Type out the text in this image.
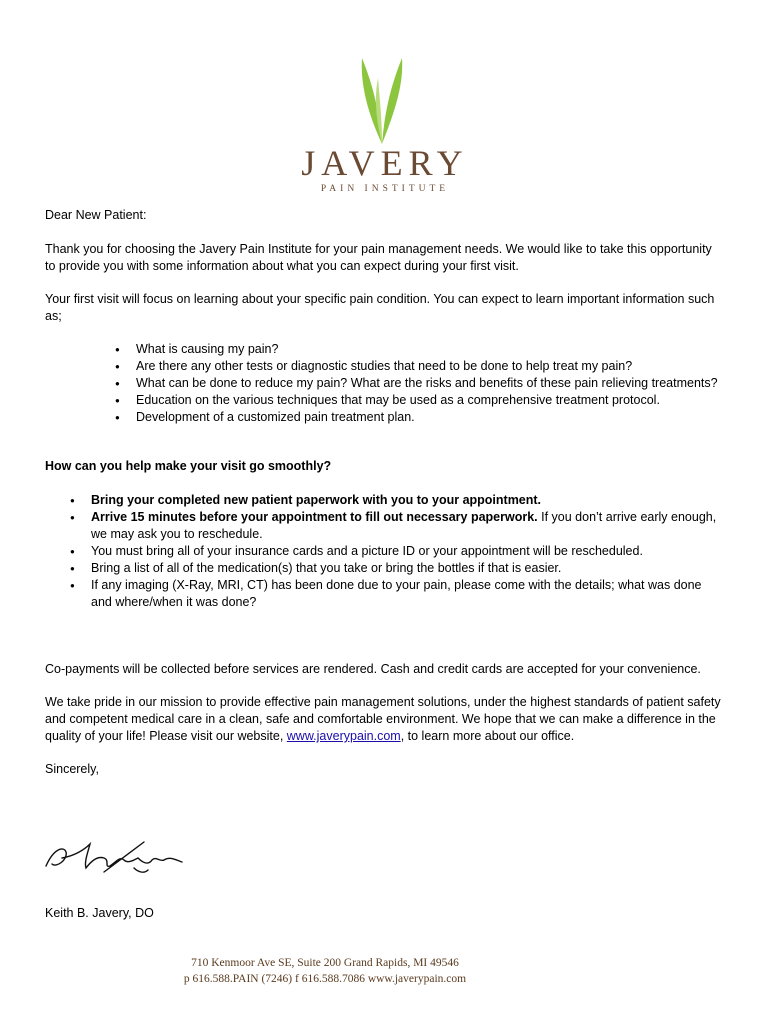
JAVERY
PAIN INSTITUTE

Dear New Patient:

Thank you for choosing the Javery Pain Institute for your pain management needs. We would like to take this opportunity to provide you with some information about what you can expect during your first visit.

Your first visit will focus on learning about your specific pain condition. You can expect to learn important information such as;

● What is causing my pain?
● Are there any other tests or diagnostic studies that need to be done to help treat my pain?
● What can be done to reduce my pain? What are the risks and benefits of these pain relieving treatments?
● Education on the various techniques that may be used as a comprehensive treatment protocol.
● Development of a customized pain treatment plan.

How can you help make your visit go smoothly?

● Bring your completed new patient paperwork with you to your appointment.
● Arrive 15 minutes before your appointment to fill out necessary paperwork. If you don’t arrive early enough, we may ask you to reschedule.
● You must bring all of your insurance cards and a picture ID or your appointment will be rescheduled.
● Bring a list of all of the medication(s) that you take or bring the bottles if that is easier.
● If any imaging (X-Ray, MRI, CT) has been done due to your pain, please come with the details; what was done and where/when it was done?

Co-payments will be collected before services are rendered. Cash and credit cards are accepted for your convenience.

We take pride in our mission to provide effective pain management solutions, under the highest standards of patient safety and competent medical care in a clean, safe and comfortable environment. We hope that we can make a difference in the quality of your life! Please visit our website, www.javerypain.com, to learn more about our office.

Sincerely,

Keith B. Javery, DO
710 Kenmoor Ave SE, Suite 200 Grand Rapids, MI 49546
p 616.588.PAIN (7246) f 616.588.7086 www.javerypain.com
